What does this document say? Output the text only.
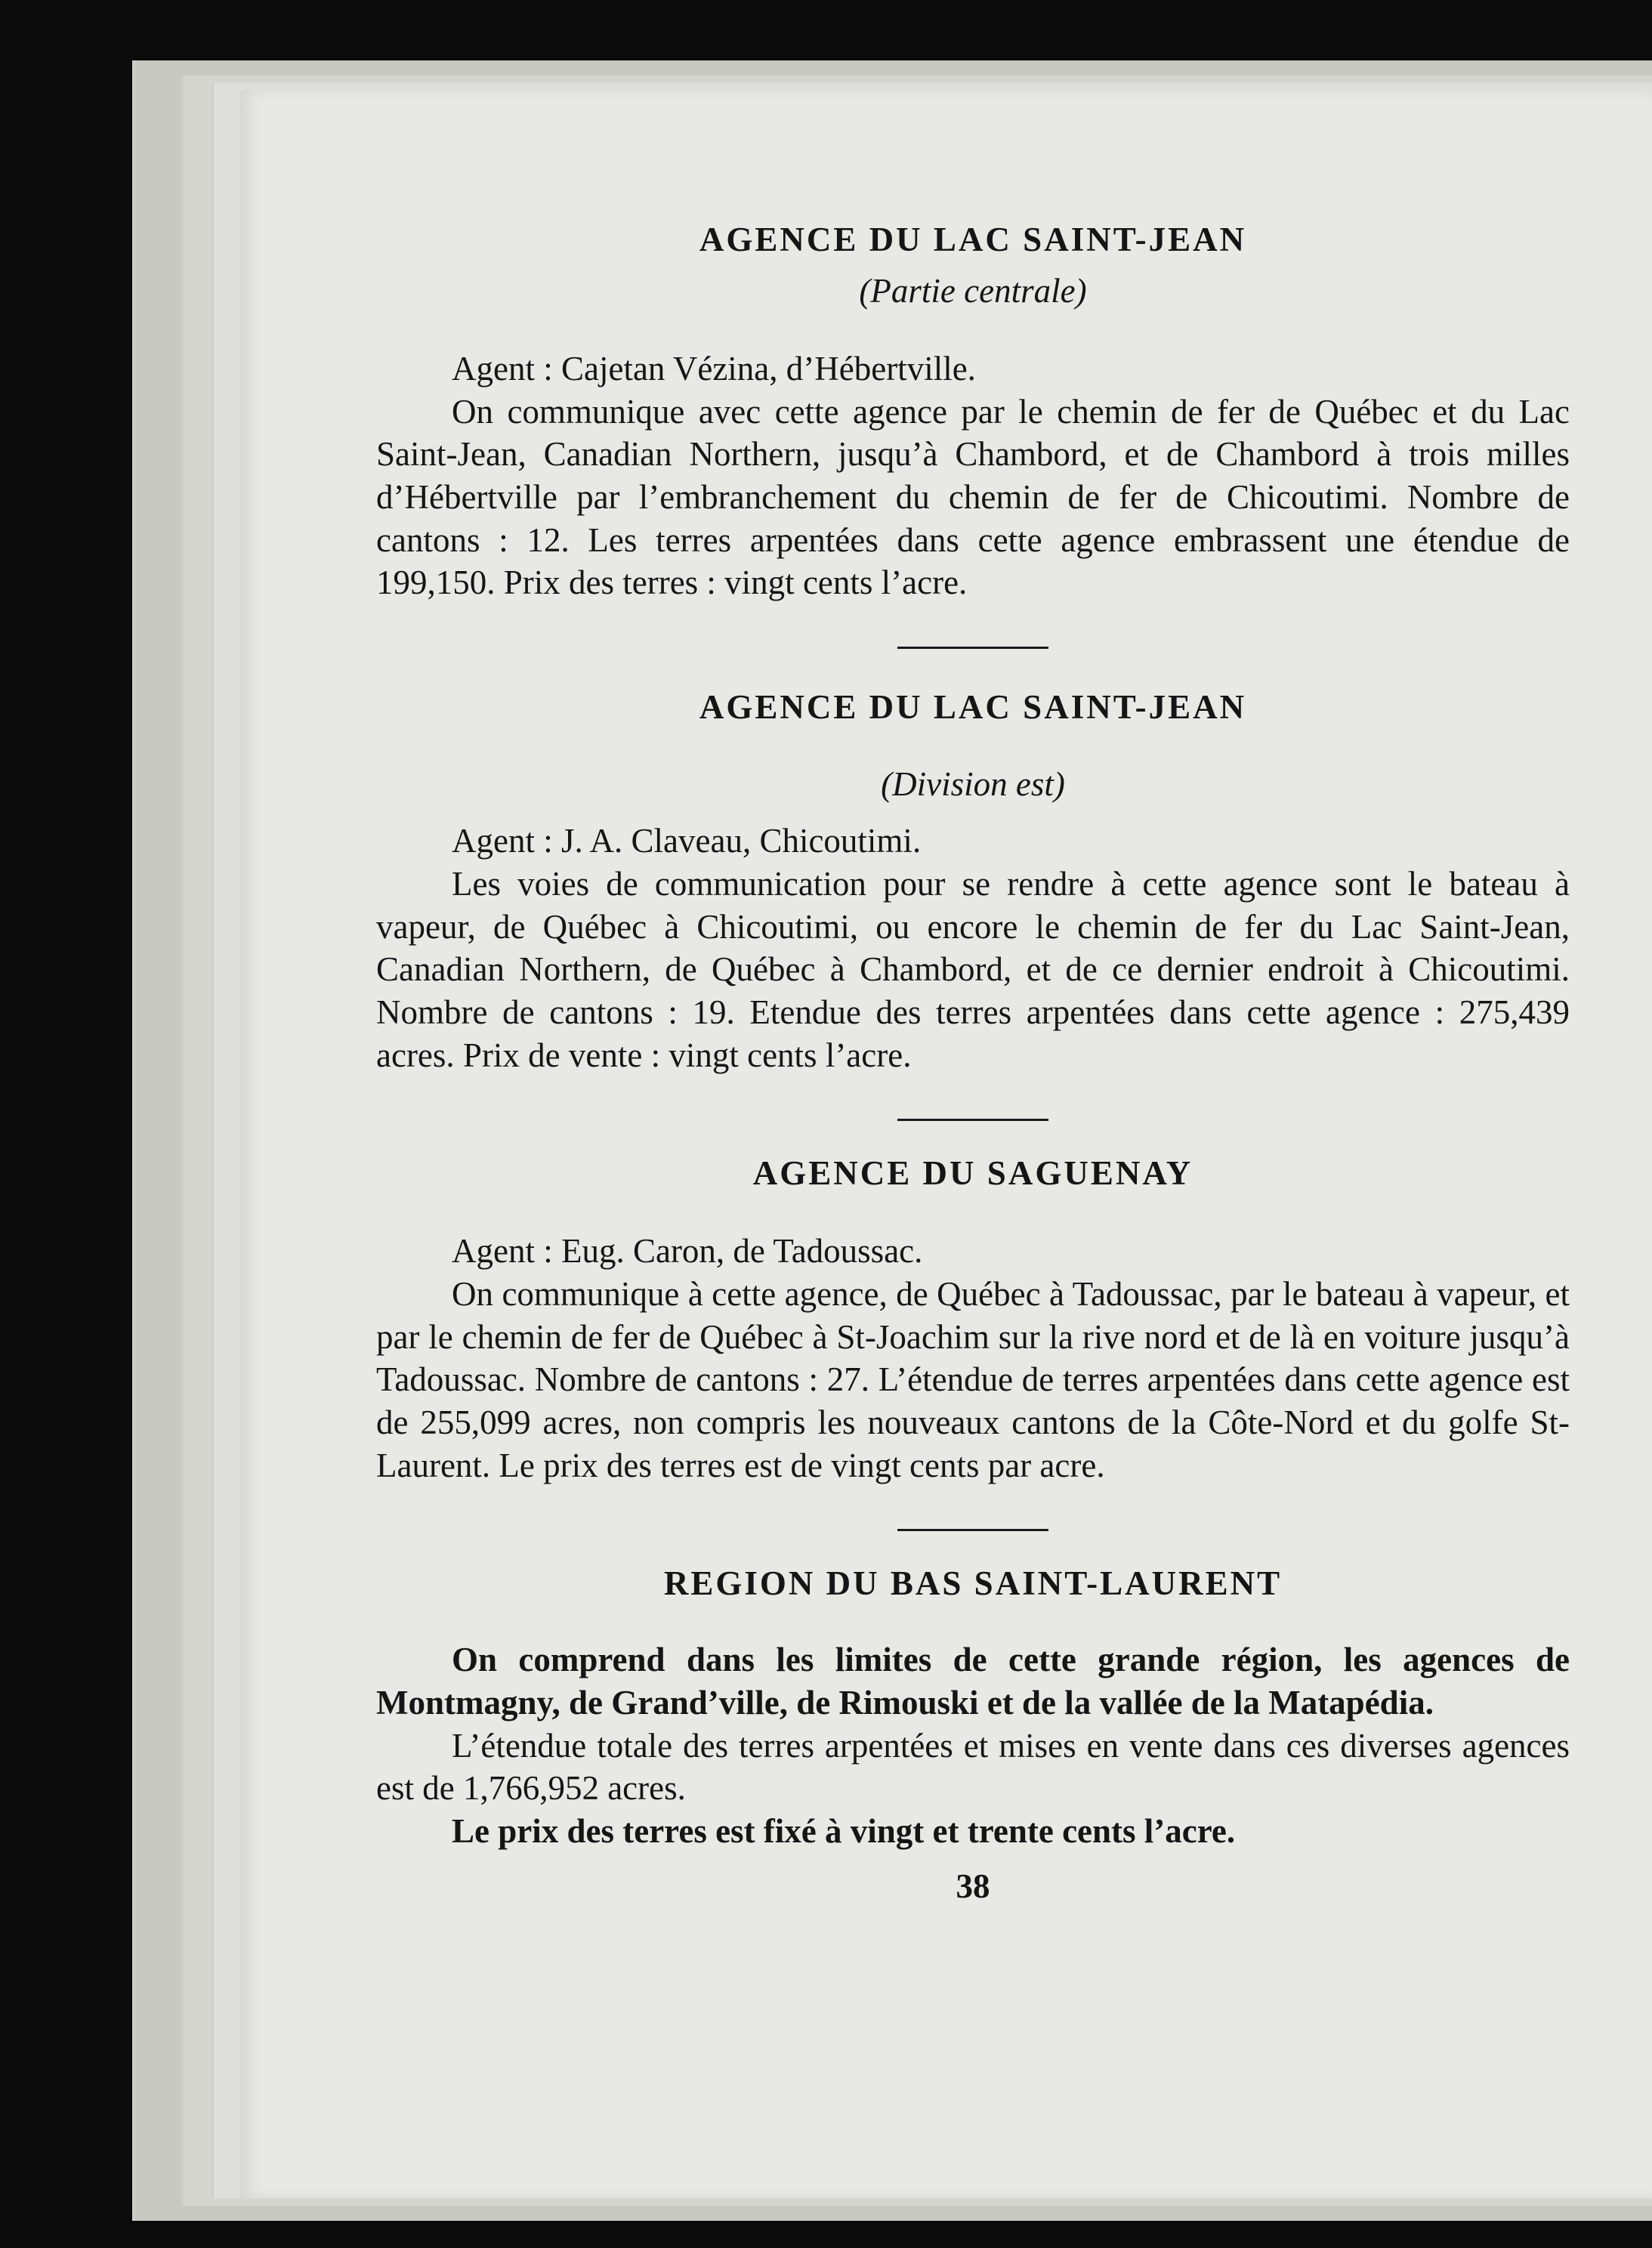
AGENCE DU LAC SAINT-JEAN

(Partie centrale)

Agent : Cajetan Vézina, d’Hébertville.

On communique avec cette agence par le chemin de fer de Québec et du Lac Saint-Jean, Canadian Northern, jusqu’à Chambord, et de Chambord à trois milles d’Hébertville par l’embranchement du chemin de fer de Chicoutimi. Nombre de cantons : 12. Les terres arpentées dans cette agence embrassent une étendue de 199,150. Prix des terres : vingt cents l’acre.

AGENCE DU LAC SAINT-JEAN

(Division est)

Agent : J. A. Claveau, Chicoutimi.

Les voies de communication pour se rendre à cette agence sont le bateau à vapeur, de Québec à Chicoutimi, ou encore le chemin de fer du Lac Saint-Jean, Canadian Northern, de Québec à Chambord, et de ce dernier endroit à Chicoutimi. Nombre de cantons : 19. Etendue des terres arpentées dans cette agence : 275,439 acres. Prix de vente : vingt cents l’acre.

AGENCE DU SAGUENAY

Agent : Eug. Caron, de Tadoussac.

On communique à cette agence, de Québec à Tadoussac, par le bateau à vapeur, et par le chemin de fer de Québec à St-Joachim sur la rive nord et de là en voiture jusqu’à Tadoussac. Nombre de cantons : 27. L’étendue de terres arpentées dans cette agence est de 255,099 acres, non compris les nouveaux cantons de la Côte-Nord et du golfe St-Laurent. Le prix des terres est de vingt cents par acre.

REGION DU BAS SAINT-LAURENT

On comprend dans les limites de cette grande région, les agences de Montmagny, de Grand’ville, de Rimouski et de la vallée de la Matapédia.

L’étendue totale des terres arpentées et mises en vente dans ces diverses agences est de 1,766,952 acres.

Le prix des terres est fixé à vingt et trente cents l’acre.

38
